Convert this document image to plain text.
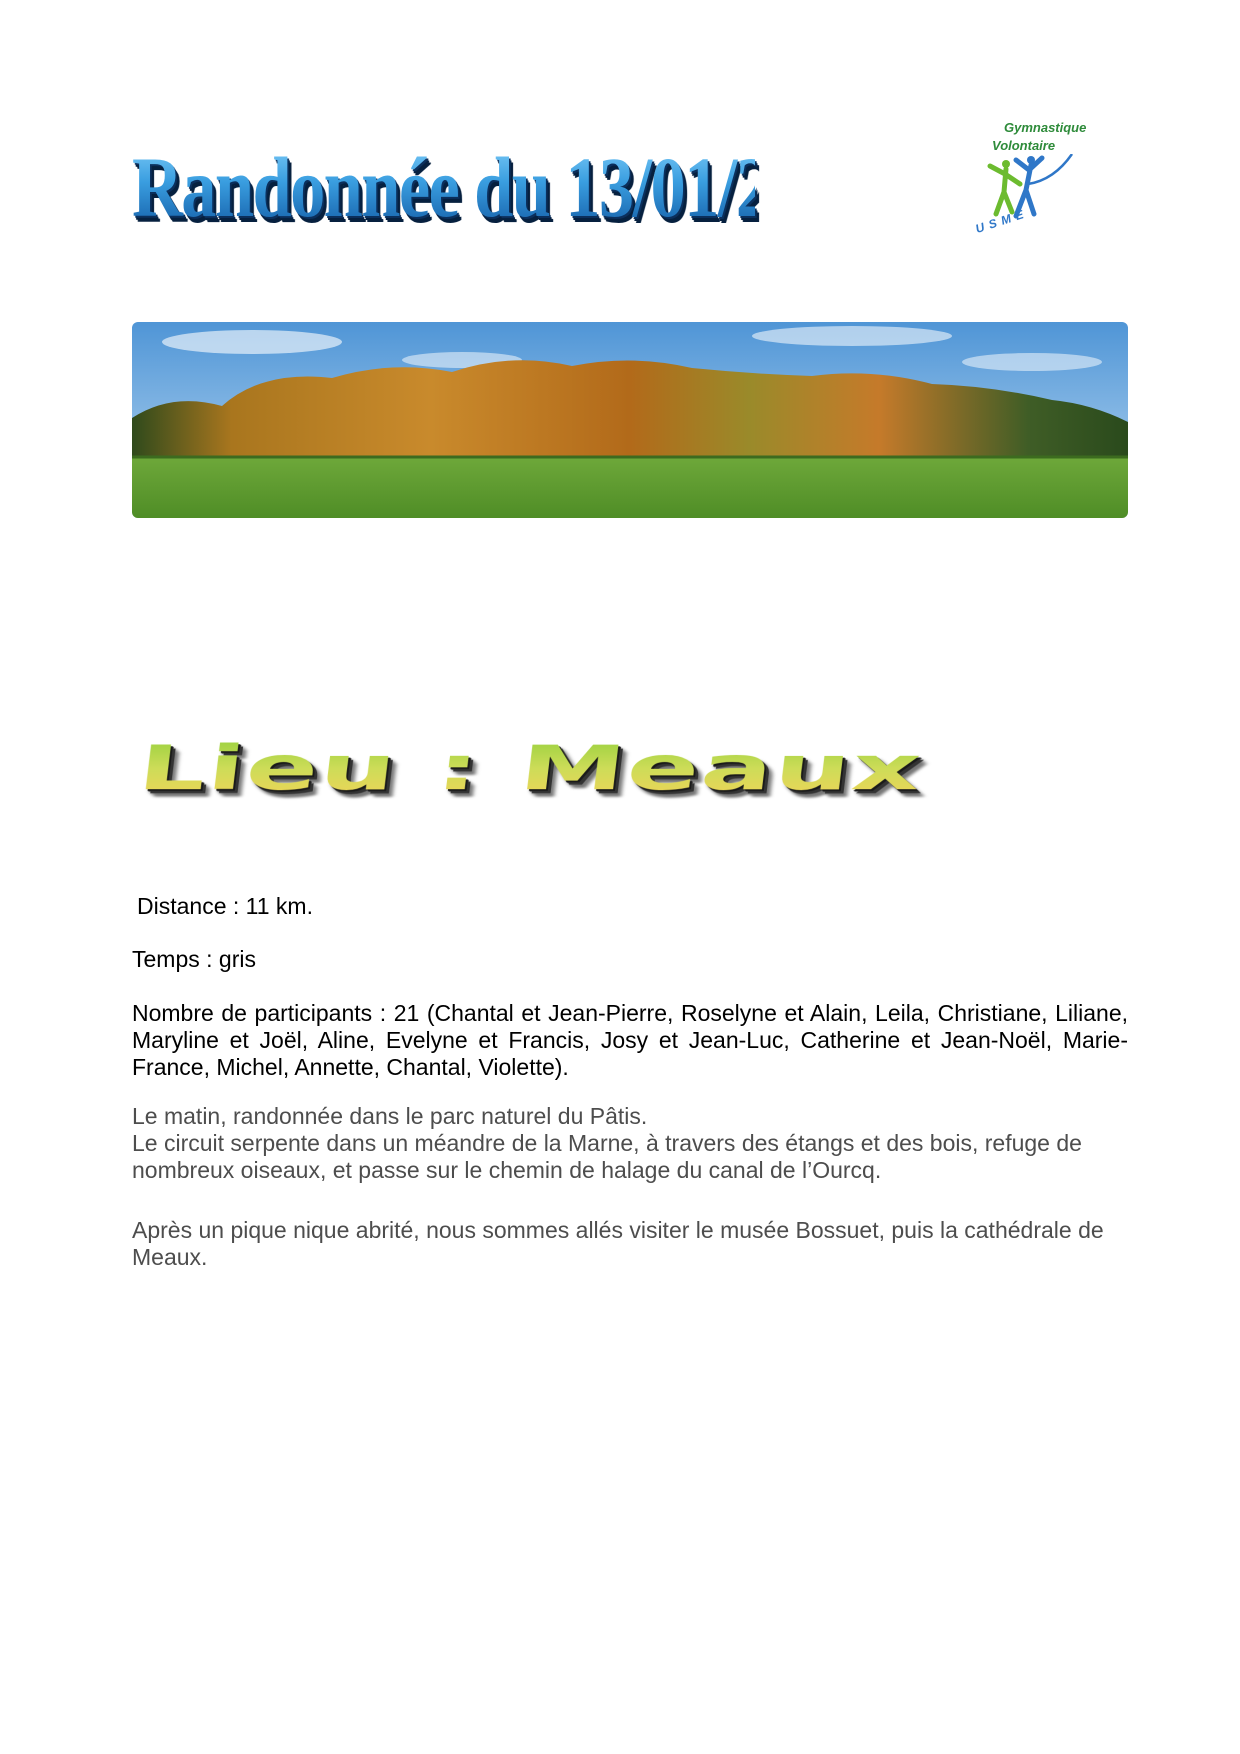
Randonnée du 13/01/2019
Gymnastique
Volontaire
USME
Lieu : Meaux

Distance : 11 km.

Temps : gris

Nombre de participants : 21 (Chantal et Jean-Pierre, Roselyne et Alain, Leila, Christiane, Liliane, Maryline et Joël, Aline, Evelyne et Francis, Josy et Jean-Luc, Catherine et Jean-Noël, Marie-France, Michel, Annette, Chantal, Violette).

Le matin, randonnée dans le parc naturel du Pâtis.

Le circuit serpente dans un méandre de la Marne, à travers des étangs et des bois, refuge de nombreux oiseaux, et passe sur le chemin de halage du canal de l’Ourcq.

Après un pique nique abrité, nous sommes allés visiter le musée Bossuet, puis la cathédrale de Meaux.
